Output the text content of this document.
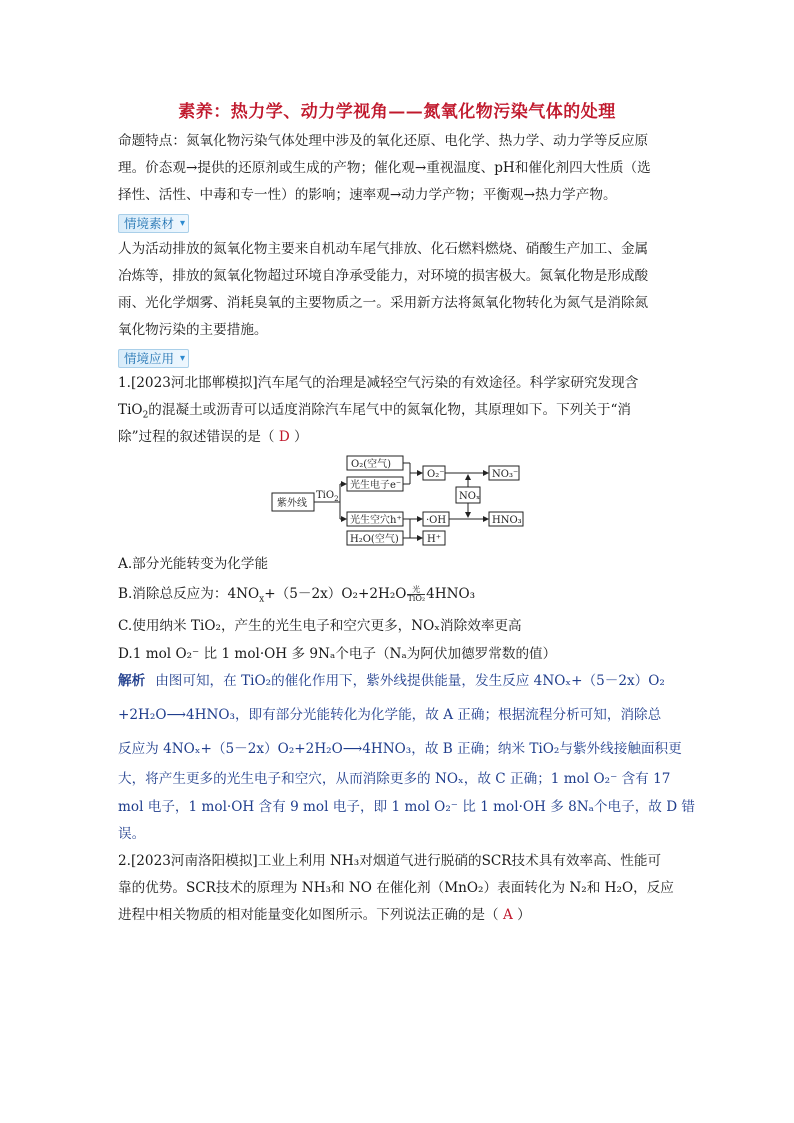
素养：热力学、动力学视角——氮氧化物污染气体的处理
命题特点：氮氧化物污染气体处理中涉及的氧化还原、电化学、热力学、动力学等反应原
理。价态观→提供的还原剂或生成的产物；催化观→重视温度、pH和催化剂四大性质（选
择性、活性、中毒和专一性）的影响；速率观→动力学产物；平衡观→热力学产物。
情境素材 ▾
人为活动排放的氮氧化物主要来自机动车尾气排放、化石燃料燃烧、硝酸生产加工、金属
冶炼等，排放的氮氧化物超过环境自净承受能力，对环境的损害极大。氮氧化物是形成酸
雨、光化学烟雾、消耗臭氧的主要物质之一。采用新方法将氮氧化物转化为氮气是消除氮
氧化物污染的主要措施。
情境应用 ▾
1.[2023河北邯郸模拟]汽车尾气的治理是减轻空气污染的有效途径。科学家研究发现含
TiO$_2$的混凝土或沥青可以适度消除汽车尾气中的氮氧化物，其原理如下。下列关于“消
除”过程的叙述错误的是（ D ）
紫外线
TiO$_2$
O₂(空气)
光生电子e⁻
光生空穴h⁺
H₂O(空气)
O₂⁻
·OH
H⁺
NOₓ
NO₃⁻
HNO₃
A.部分光能转变为化学能
B.消除总反应为：$4NO_x+(5-2x)O_2+2H_2O \frac{\text{光}}{\text{TiO₂}} 4HNO_3$
C.使用纳米 TiO₂，产生的光生电子和空穴更多，NOₓ消除效率更高
D.1 mol O₂⁻ 比 1 mol·OH 多 9Nₐ个电子（Nₐ为阿伏加德罗常数的值）
解析 由图可知，在 TiO₂的催化作用下，紫外线提供能量，发生反应 4NOₓ+（5－2x）O₂
+2H₂O⟶4HNO₃，即有部分光能转化为化学能，故 A 正确；根据流程分析可知，消除总
反应为 4NOₓ+（5－2x）O₂+2H₂O⟶4HNO₃，故 B 正确；纳米 TiO₂与紫外线接触面积更
大，将产生更多的光生电子和空穴，从而消除更多的 NOₓ，故 C 正确；1 mol O₂⁻ 含有 17
mol 电子，1 mol·OH 含有 9 mol 电子，即 1 mol O₂⁻ 比 1 mol·OH 多 8Nₐ个电子，故 D 错
误。
2.[2023河南洛阳模拟]工业上利用 NH₃对烟道气进行脱硝的SCR技术具有效率高、性能可
靠的优势。SCR技术的原理为 NH₃和 NO 在催化剂（MnO₂）表面转化为 N₂和 H₂O，反应
进程中相关物质的相对能量变化如图所示。下列说法正确的是（ A ）
